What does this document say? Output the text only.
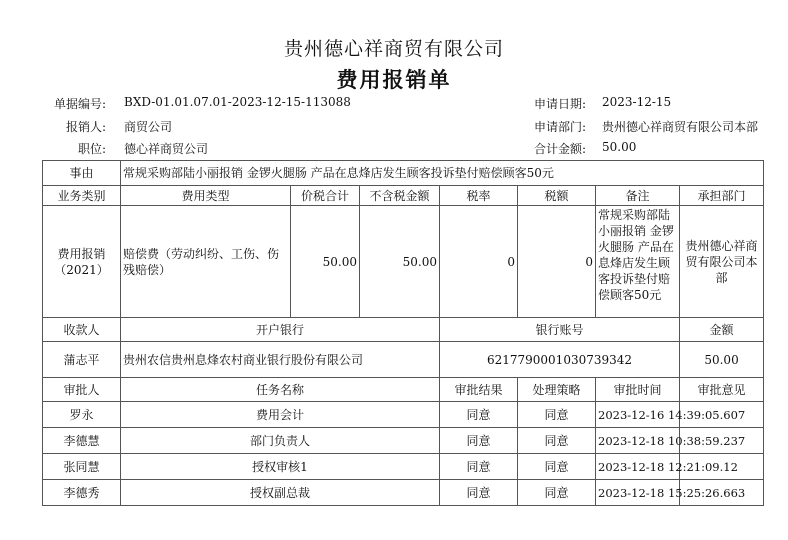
贵州德心祥商贸有限公司
费用报销单
单据编号: BXD-01.01.07.01-2023-12-15-113088	申请日期: 2023-12-15
报销人: 商贸公司	申请部门: 贵州德心祥商贸有限公司本部
职位: 德心祥商贸公司	合计金额: 50.00
事由	常规采购部陆小丽报销 金锣火腿肠 产品在息烽店发生顾客投诉垫付赔偿顾客50元						
业务类别	费用类型	价税合计	不含税金额	税率	税额	备注	承担部门
费用报销（2021）	赔偿费（劳动纠纷、工伤、伤残赔偿）	50.00	50.00	0	0	常规采购部陆小丽报销 金锣火腿肠 产品在息烽店发生顾客投诉垫付赔偿顾客50元	贵州德心祥商贸有限公司本部
收款人	开户银行			银行账号			金额
蒲志平	贵州农信贵州息烽农村商业银行股份有限公司			6217790001030739342			50.00
审批人	任务名称			审批结果	处理策略	审批时间	审批意见
罗永	费用会计			同意	同意	2023-12-16 14:39:05.607	
李德慧	部门负责人			同意	同意	2023-12-18 10:38:59.237	
张同慧	授权审核1			同意	同意	2023-12-18 12:21:09.12	
李德秀	授权副总裁			同意	同意	2023-12-18 15:25:26.663	
